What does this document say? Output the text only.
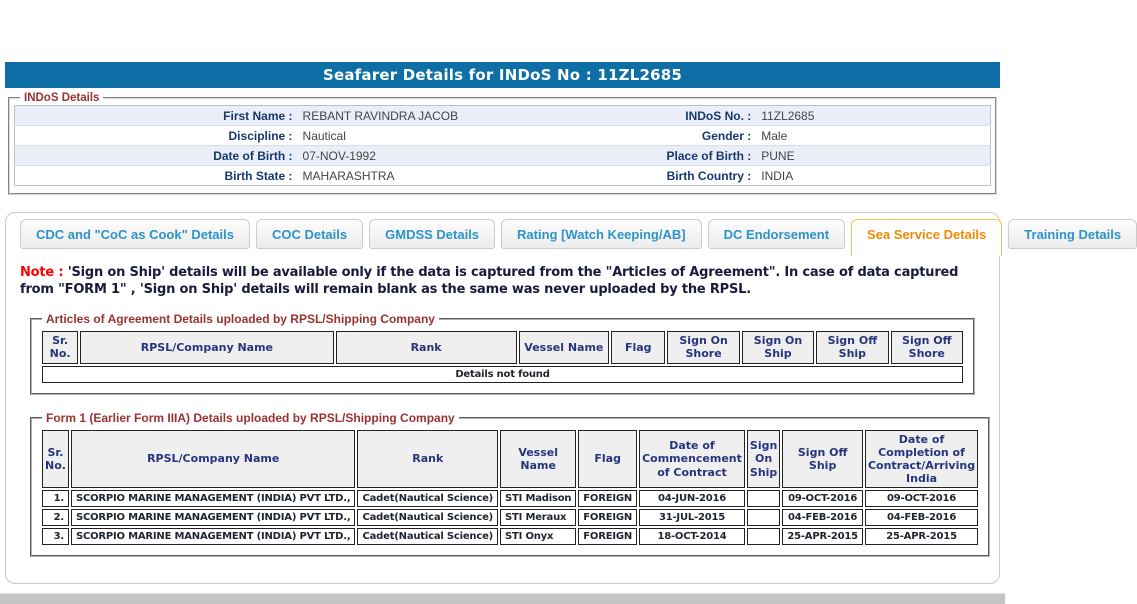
Seafarer Details for INDoS No : 11ZL2685
INDoS Details
First Name :	REBANT RAVINDRA JACOB	INDoS No. :	11ZL2685
Discipline :	Nautical	Gender :	Male
Date of Birth :	07-NOV-1992	Place of Birth :	PUNE
Birth State :	MAHARASHTRA	Birth Country :	INDIA
CDC and "CoC as Cook" Details	COC Details	GMDSS Details	Rating [Watch Keeping/AB]	DC Endorsement	Sea Service Details	Training Details
Note : 'Sign on Ship' details will be available only if the data is captured from the "Articles of Agreement". In case of data captured from "FORM 1" , 'Sign on Ship' details will remain blank as the same was never uploaded by the RPSL.
Articles of Agreement Details uploaded by RPSL/Shipping Company
Sr. No.	RPSL/Company Name	Rank	Vessel Name	Flag	Sign On Shore	Sign On Ship	Sign Off Ship	Sign Off Shore
Details not found
Form 1 (Earlier Form IIIA) Details uploaded by RPSL/Shipping Company
Sr. No.	RPSL/Company Name	Rank	Vessel Name	Flag	Date of Commencement of Contract	Sign On Ship	Sign Off Ship	Date of Completion of Contract/Arriving India
1.	SCORPIO MARINE MANAGEMENT (INDIA) PVT LTD.,	Cadet(Nautical Science)	STI Madison	FOREIGN	04-JUN-2016		09-OCT-2016	09-OCT-2016
2.	SCORPIO MARINE MANAGEMENT (INDIA) PVT LTD.,	Cadet(Nautical Science)	STI Meraux	FOREIGN	31-JUL-2015		04-FEB-2016	04-FEB-2016
3.	SCORPIO MARINE MANAGEMENT (INDIA) PVT LTD.,	Cadet(Nautical Science)	STI Onyx	FOREIGN	18-OCT-2014		25-APR-2015	25-APR-2015
